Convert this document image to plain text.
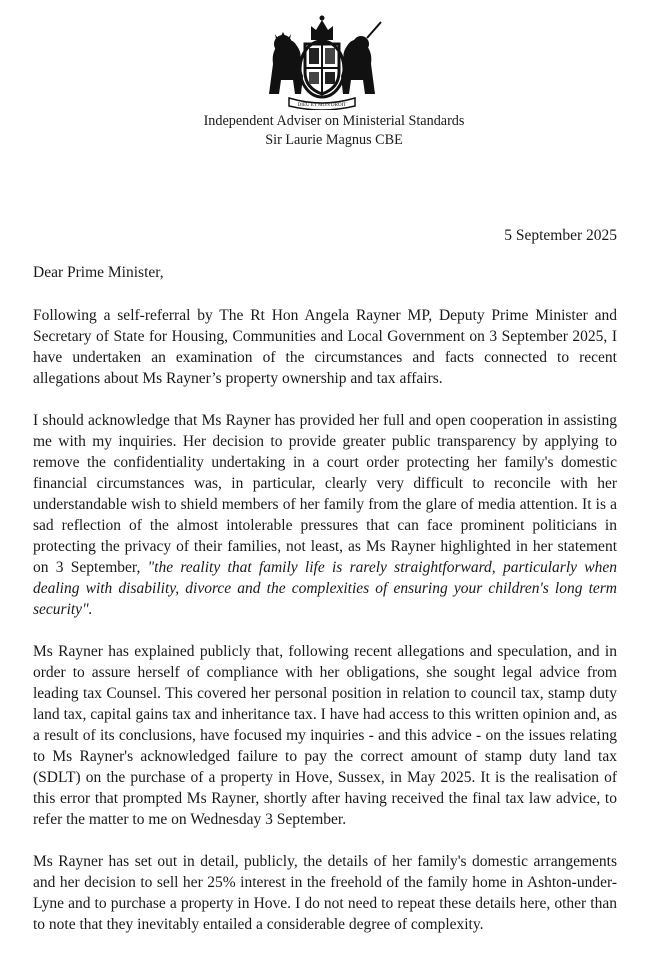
DIEU ET MON DROIT
Independent Adviser on Ministerial Standards
Sir Laurie Magnus CBE
5 September 2025
Dear Prime Minister,

Following a self-referral by The Rt Hon Angela Rayner MP, Deputy Prime Minister and Secretary of State for Housing, Communities and Local Government on 3 September 2025, I have undertaken an examination of the circumstances and facts connected to recent allegations about Ms Rayner’s property ownership and tax affairs.

I should acknowledge that Ms Rayner has provided her full and open cooperation in assisting me with my inquiries. Her decision to provide greater public transparency by applying to remove the confidentiality undertaking in a court order protecting her family's domestic financial circumstances was, in particular, clearly very difficult to reconcile with her understandable wish to shield members of her family from the glare of media attention. It is a sad reflection of the almost intolerable pressures that can face prominent politicians in protecting the privacy of their families, not least, as Ms Rayner highlighted in her statement on 3 September, "the reality that family life is rarely straightforward, particularly when dealing with disability, divorce and the complexities of ensuring your children's long term security".

Ms Rayner has explained publicly that, following recent allegations and speculation, and in order to assure herself of compliance with her obligations, she sought legal advice from leading tax Counsel. This covered her personal position in relation to council tax, stamp duty land tax, capital gains tax and inheritance tax. I have had access to this written opinion and, as a result of its conclusions, have focused my inquiries - and this advice - on the issues relating to Ms Rayner's acknowledged failure to pay the correct amount of stamp duty land tax (SDLT) on the purchase of a property in Hove, Sussex, in May 2025. It is the realisation of this error that prompted Ms Rayner, shortly after having received the final tax law advice, to refer the matter to me on Wednesday 3 September.

Ms Rayner has set out in detail, publicly, the details of her family's domestic arrangements and her decision to sell her 25% interest in the freehold of the family home in Ashton-under-Lyne and to purchase a property in Hove. I do not need to repeat these details here, other than to note that they inevitably entailed a considerable degree of complexity.
